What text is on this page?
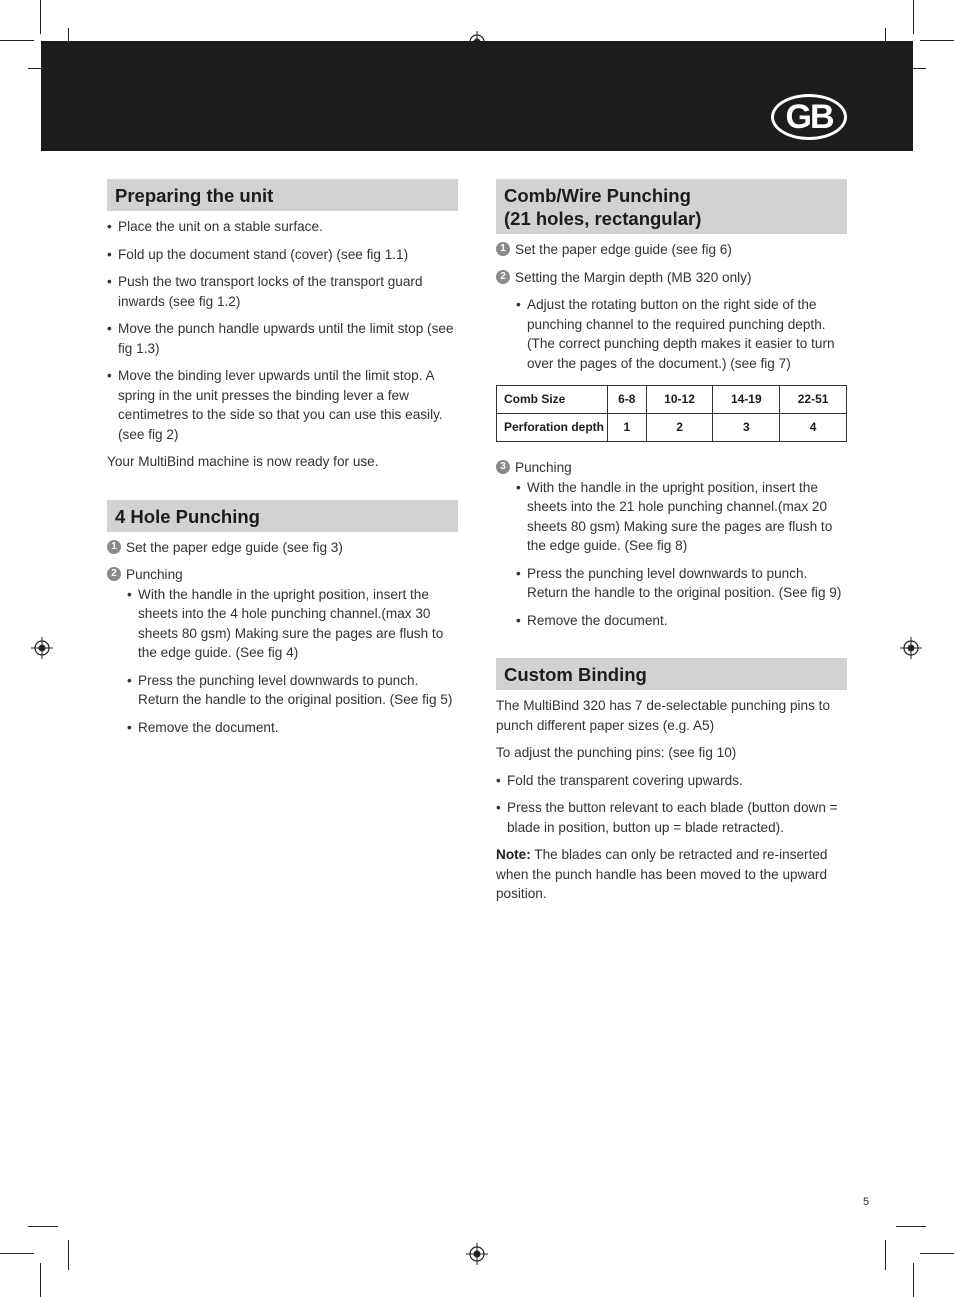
GB
Preparing the unit
• Place the unit on a stable surface.
• Fold up the document stand (cover) (see fig 1.1)
• Push the two transport locks of the transport guard inwards (see fig 1.2)
• Move the punch handle upwards until the limit stop (see fig 1.3)
• Move the binding lever upwards until the limit stop. A spring in the unit presses the binding lever a few centimetres to the side so that you can use this easily. (see fig 2)
Your MultiBind machine is now ready for use.
4 Hole Punching
1 Set the paper edge guide (see fig 3)
2 Punching
• With the handle in the upright position, insert the sheets into the 4 hole punching channel.(max 30 sheets 80 gsm) Making sure the pages are flush to the edge guide. (See fig 4)
• Press the punching level downwards to punch. Return the handle to the original position. (See fig 5)
• Remove the document.
Comb/Wire Punching
(21 holes, rectangular)
1 Set the paper edge guide (see fig 6)
2 Setting the Margin depth (MB 320 only)
• Adjust the rotating button on the right side of the punching channel to the required punching depth. (The correct punching depth makes it easier to turn over the pages of the document.) (see fig 7)
Comb Size	6-8	10-12	14-19	22-51
Perforation depth	1	2	3	4
3 Punching
• With the handle in the upright position, insert the sheets into the 21 hole punching channel.(max 20 sheets 80 gsm) Making sure the pages are flush to the edge guide. (See fig 8)
• Press the punching level downwards to punch. Return the handle to the original position. (See fig 9)
• Remove the document.
Custom Binding
The MultiBind 320 has 7 de-selectable punching pins to punch different paper sizes (e.g. A5)
To adjust the punching pins: (see fig 10)
• Fold the transparent covering upwards.
• Press the button relevant to each blade (button down = blade in position, button up = blade retracted).
Note: The blades can only be retracted and re-inserted when the punch handle has been moved to the upward position.
5
